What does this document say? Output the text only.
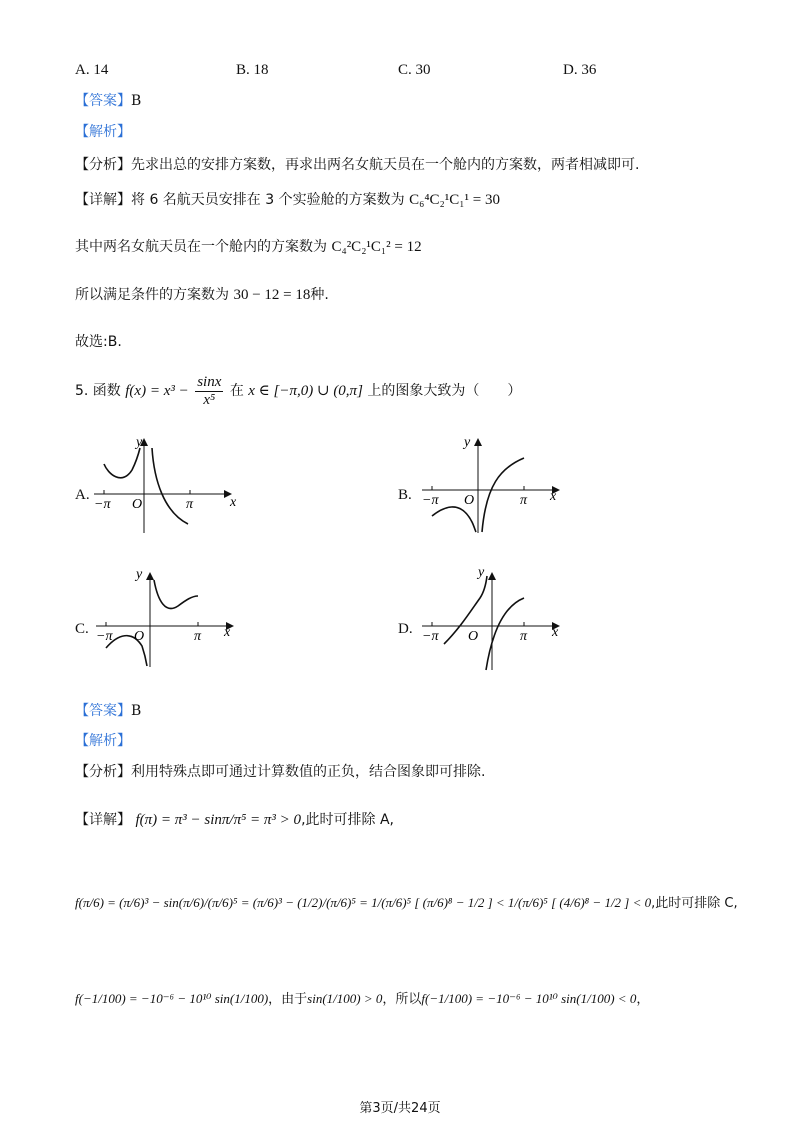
A. 14	B. 18	C. 30	D. 36
【答案】B
【解析】
【分析】先求出总的安排方案数，再求出两名女航天员在一个舱内的方案数，两者相减即可.
【详解】将 6 名航天员安排在 3 个实验舱的方案数为 C₆⁴C₂¹C₁¹ = 30
其中两名女航天员在一个舱内的方案数为 C₄²C₂¹C₁² = 12
所以满足条件的方案数为 30 − 12 = 18种.
故选:B.
5. 函数 $f(x) = x^3 - \frac{\sin x}{\text{x⁵}}$ 在 x ∈ [−π,0) ∪ (0,π] 上的图象大致为（　　）
A.
y
x
O
−π	π
B.
y
x
O
−π	π
C.
y
x
O
−π	π	D.
y
x
O
−π	π
【答案】B
【解析】
【分析】利用特殊点即可通过计算数值的正负，结合图象即可排除.
【详解】 f(π) = π³ − sinπ/π⁵ = π³ > 0,此时可排除 A,
f(π/6) = (π/6)³ − sin(π/6)/(π/6)⁵ = (π/6)³ − (1/2)/(π/6)⁵ = 1/(π/6)⁵ [ (π/6)⁸ − 1/2 ] < 1/(π/6)⁵ [ (4/6)⁸ − 1/2 ] < 0,此时可排除 C,
f(−1/100) = −10⁻⁶ − 10¹⁰ sin(1/100)，由于sin(1/100) > 0，所以f(−1/100) = −10⁻⁶ − 10¹⁰ sin(1/100) < 0，
第3页/共24页
